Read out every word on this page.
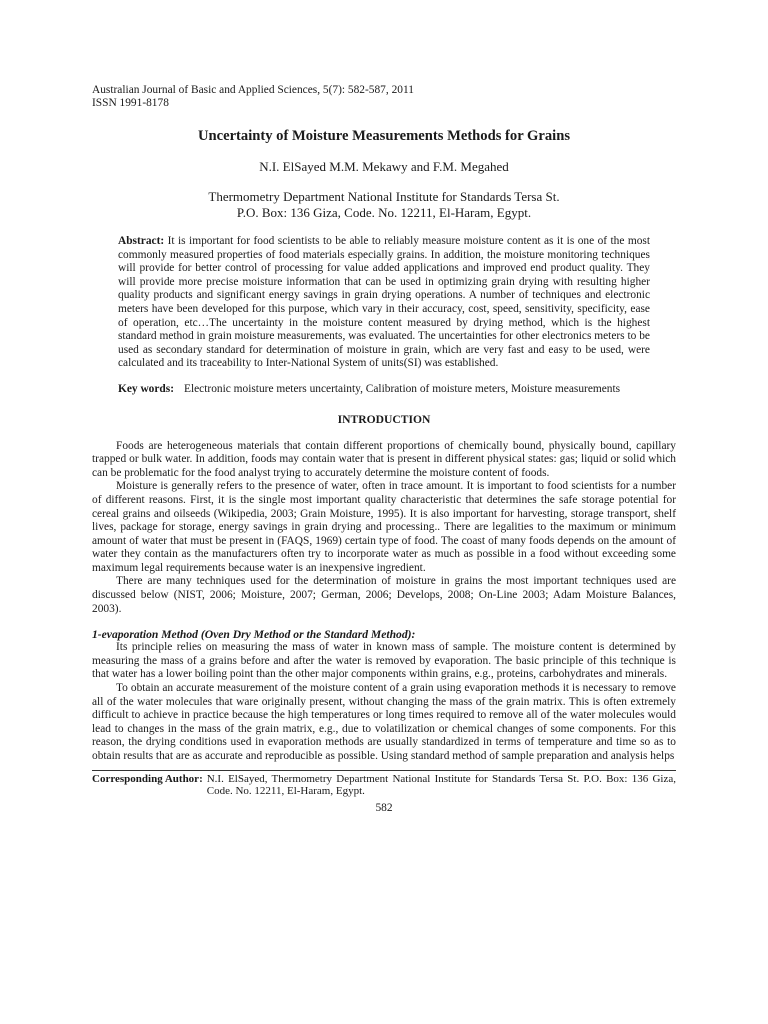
Australian Journal of Basic and Applied Sciences, 5(7): 582-587, 2011
ISSN 1991-8178
Uncertainty of Moisture Measurements Methods for Grains
N.I. ElSayed M.M. Mekawy and F.M. Megahed
Thermometry Department National Institute for Standards Tersa St.
P.O. Box: 136 Giza, Code. No. 12211, El-Haram, Egypt.
Abstract: It is important for food scientists to be able to reliably measure moisture content as it is one of the most commonly measured properties of food materials especially grains. In addition, the moisture monitoring techniques will provide for better control of processing for value added applications and improved end product quality. They will provide more precise moisture information that can be used in optimizing grain drying with resulting higher quality products and significant energy savings in grain drying operations. A number of techniques and electronic meters have been developed for this purpose, which vary in their accuracy, cost, speed, sensitivity, specificity, ease of operation, etc…The uncertainty in the moisture content measured by drying method, which is the highest standard method in grain moisture measurements, was evaluated. The uncertainties for other electronics meters to be used as secondary standard for determination of moisture in grain, which are very fast and easy to be used, were calculated and its traceability to Inter-National System of units(SI) was established.
Key words: Electronic moisture meters uncertainty, Calibration of moisture meters, Moisture measurements
INTRODUCTION

Foods are heterogeneous materials that contain different proportions of chemically bound, physically bound, capillary trapped or bulk water. In addition, foods may contain water that is present in different physical states: gas; liquid or solid which can be problematic for the food analyst trying to accurately determine the moisture content of foods.

Moisture is generally refers to the presence of water, often in trace amount. It is important to food scientists for a number of different reasons. First, it is the single most important quality characteristic that determines the safe storage potential for cereal grains and oilseeds (Wikipedia, 2003; Grain Moisture, 1995). It is also important for harvesting, storage transport, shelf lives, package for storage, energy savings in grain drying and processing.. There are legalities to the maximum or minimum amount of water that must be present in (FAQS, 1969) certain type of food. The coast of many foods depends on the amount of water they contain as the manufacturers often try to incorporate water as much as possible in a food without exceeding some maximum legal requirements because water is an inexpensive ingredient.

There are many techniques used for the determination of moisture in grains the most important techniques used are discussed below (NIST, 2006; Moisture, 2007; German, 2006; Develops, 2008; On-Line 2003; Adam Moisture Balances, 2003).

1-evaporation Method (Oven Dry Method or the Standard Method):

Its principle relies on measuring the mass of water in known mass of sample. The moisture content is determined by measuring the mass of a grains before and after the water is removed by evaporation. The basic principle of this technique is that water has a lower boiling point than the other major components within grains, e.g., proteins, carbohydrates and minerals.

To obtain an accurate measurement of the moisture content of a grain using evaporation methods it is necessary to remove all of the water molecules that ware originally present, without changing the mass of the grain matrix. This is often extremely difficult to achieve in practice because the high temperatures or long times required to remove all of the water molecules would lead to changes in the mass of the grain matrix, e.g., due to volatilization or chemical changes of some components. For this reason, the drying conditions used in evaporation methods are usually standardized in terms of temperature and time so as to obtain results that are as accurate and reproducible as possible. Using standard method of sample preparation and analysis helps

Corresponding Author: N.I. ElSayed, Thermometry Department National Institute for Standards Tersa St. P.O. Box: 136 Giza, Code. No. 12211, El-Haram, Egypt.
582
